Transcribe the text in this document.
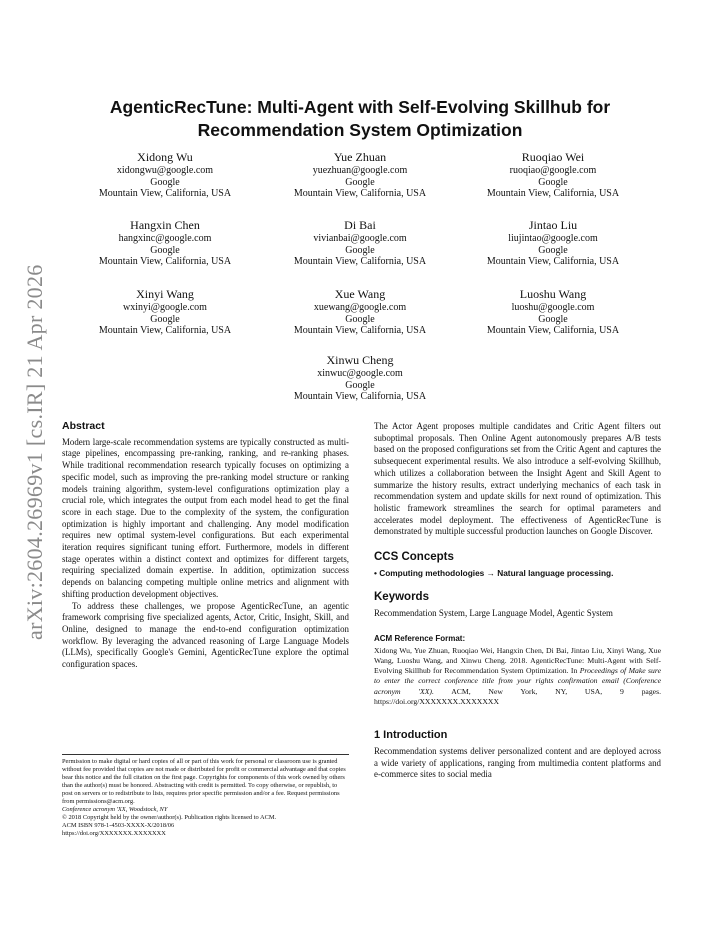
arXiv:2604.26969v1 [cs.IR] 21 Apr 2026
AgenticRecTune: Multi-Agent with Self-Evolving Skillhub for Recommendation System Optimization
Xidong Wu
xidongwu@google.com
Google
Mountain View, California, USA
Yue Zhuan
yuezhuan@google.com
Google
Mountain View, California, USA
Ruoqiao Wei
ruoqiao@google.com
Google
Mountain View, California, USA
Hangxin Chen
hangxinc@google.com
Google
Mountain View, California, USA
Di Bai
vivianbai@google.com
Google
Mountain View, California, USA
Jintao Liu
liujintao@google.com
Google
Mountain View, California, USA
Xinyi Wang
wxinyi@google.com
Google
Mountain View, California, USA
Xue Wang
xuewang@google.com
Google
Mountain View, California, USA
Luoshu Wang
luoshu@google.com
Google
Mountain View, California, USA
Xinwu Cheng
xinwuc@google.com
Google
Mountain View, California, USA
Abstract

Modern large-scale recommendation systems are typically constructed as multi-stage pipelines, encompassing pre-ranking, ranking, and re-ranking phases. While traditional recommendation research typically focuses on optimizing a specific model, such as improving the pre-ranking model structure or ranking models training algorithm, system-level configurations optimization play a crucial role, which integrates the output from each model head to get the final score in each stage. Due to the complexity of the system, the configuration optimization is highly important and challenging. Any model modification requires new optimal system-level configurations. But each experimental iteration requires significant tuning effort. Furthermore, models in different stage operates within a distinct context and optimizes for different targets, requiring specialized domain expertise. In addition, optimization success depends on balancing competing multiple online metrics and alignment with shifting production development objectives.

To address these challenges, we propose AgenticRecTune, an agentic framework comprising five specialized agents, Actor, Critic, Insight, Skill, and Online, designed to manage the end-to-end configuration optimization workflow. By leveraging the advanced reasoning of Large Language Models (LLMs), specifically Google's Gemini, AgenticRecTune explore the optimal configuration spaces.

Permission to make digital or hard copies of all or part of this work for personal or classroom use is granted without fee provided that copies are not made or distributed for profit or commercial advantage and that copies bear this notice and the full citation on the first page. Copyrights for components of this work owned by others than the author(s) must be honored. Abstracting with credit is permitted. To copy otherwise, or republish, to post on servers or to redistribute to lists, requires prior specific permission and/or a fee. Request permissions from permissions@acm.org.
Conference acronym 'XX, Woodstock, NY
© 2018 Copyright held by the owner/author(s). Publication rights licensed to ACM.
ACM ISBN 978-1-4503-XXXX-X/2018/06
https://doi.org/XXXXXXX.XXXXXXX

The Actor Agent proposes multiple candidates and Critic Agent filters out suboptimal proposals. Then Online Agent autonomously prepares A/B tests based on the proposed configurations set from the Critic Agent and captures the subsequecent experimental results. We also introduce a self-evolving Skillhub, which utilizes a collaboration between the Insight Agent and Skill Agent to summarize the history results, extract underlying mechanics of each task in recommendation system and update skills for next round of optimization. This holistic framework streamlines the search for optimal parameters and accelerates model deployment. The effectiveness of AgenticRecTune is demonstrated by multiple successful production launches on Google Discover.

CCS Concepts
• Computing methodologies → Natural language processing.
Keywords
Recommendation System, Large Language Model, Agentic System
ACM Reference Format:
Xidong Wu, Yue Zhuan, Ruoqiao Wei, Hangxin Chen, Di Bai, Jintao Liu, Xinyi Wang, Xue Wang, Luoshu Wang, and Xinwu Cheng. 2018. AgenticRecTune: Multi-Agent with Self-Evolving Skillhub for Recommendation System Optimization. In Proceedings of Make sure to enter the correct conference title from your rights confirmation email (Conference acronym 'XX). ACM, New York, NY, USA, 9 pages. https://doi.org/XXXXXXX.XXXXXXX
1 Introduction

Recommendation systems deliver personalized content and are deployed across a wide variety of applications, ranging from multimedia content platforms and e-commerce sites to social media
